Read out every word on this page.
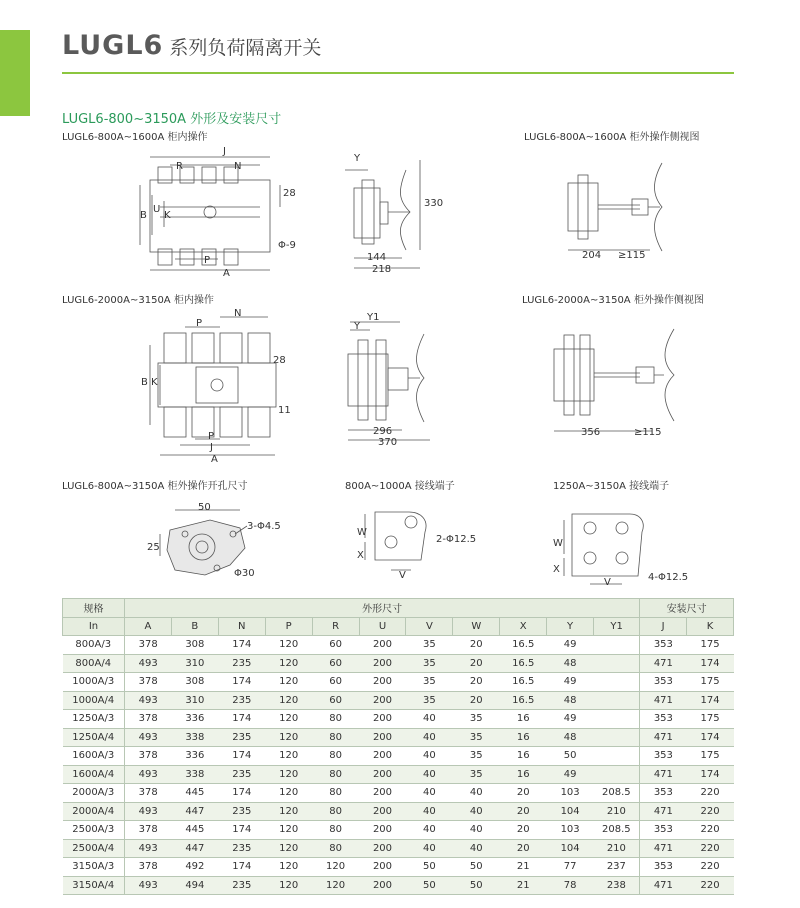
LUGL6 系列负荷隔离开关
LUGL6-800~3150A 外形及安装尺寸
LUGL6-800A~1600A 柜内操作	LUGL6-800A~1600A 柜外操作侧视图
J
R	N
28
B
U
K
Φ-9
P
A
Y
330
144
218
204 ≥115
LUGL6-2000A~3150A 柜内操作	LUGL6-2000A~3150A 柜外操作侧视图
P
N
28
B K
11
P
J
A
Y1
Y
296
370
356	≥115
LUGL6-800A~3150A 柜外操作开孔尺寸	800A~1000A 接线端子	1250A~3150A 接线端子
50
3-Φ4.5
25
Φ30
W
X
V
2-Φ12.5	W
X
V	4-Φ12.5
规格	外形尺寸											安装尺寸	
In	A	B	N	P	R	U	V	W	X	Y	Y1	J	K
800A/3	378	308	174	120	60	200	35	20	16.5	49		353	175
800A/4	493	310	235	120	60	200	35	20	16.5	48		471	174
1000A/3	378	308	174	120	60	200	35	20	16.5	49		353	175
1000A/4	493	310	235	120	60	200	35	20	16.5	48		471	174
1250A/3	378	336	174	120	80	200	40	35	16	49		353	175
1250A/4	493	338	235	120	80	200	40	35	16	48		471	174
1600A/3	378	336	174	120	80	200	40	35	16	50		353	175
1600A/4	493	338	235	120	80	200	40	35	16	49		471	174
2000A/3	378	445	174	120	80	200	40	40	20	103	208.5	353	220
2000A/4	493	447	235	120	80	200	40	40	20	104	210	471	220
2500A/3	378	445	174	120	80	200	40	40	20	103	208.5	353	220
2500A/4	493	447	235	120	80	200	40	40	20	104	210	471	220
3150A/3	378	492	174	120	120	200	50	50	21	77	237	353	220
3150A/4	493	494	235	120	120	200	50	50	21	78	238	471	220
